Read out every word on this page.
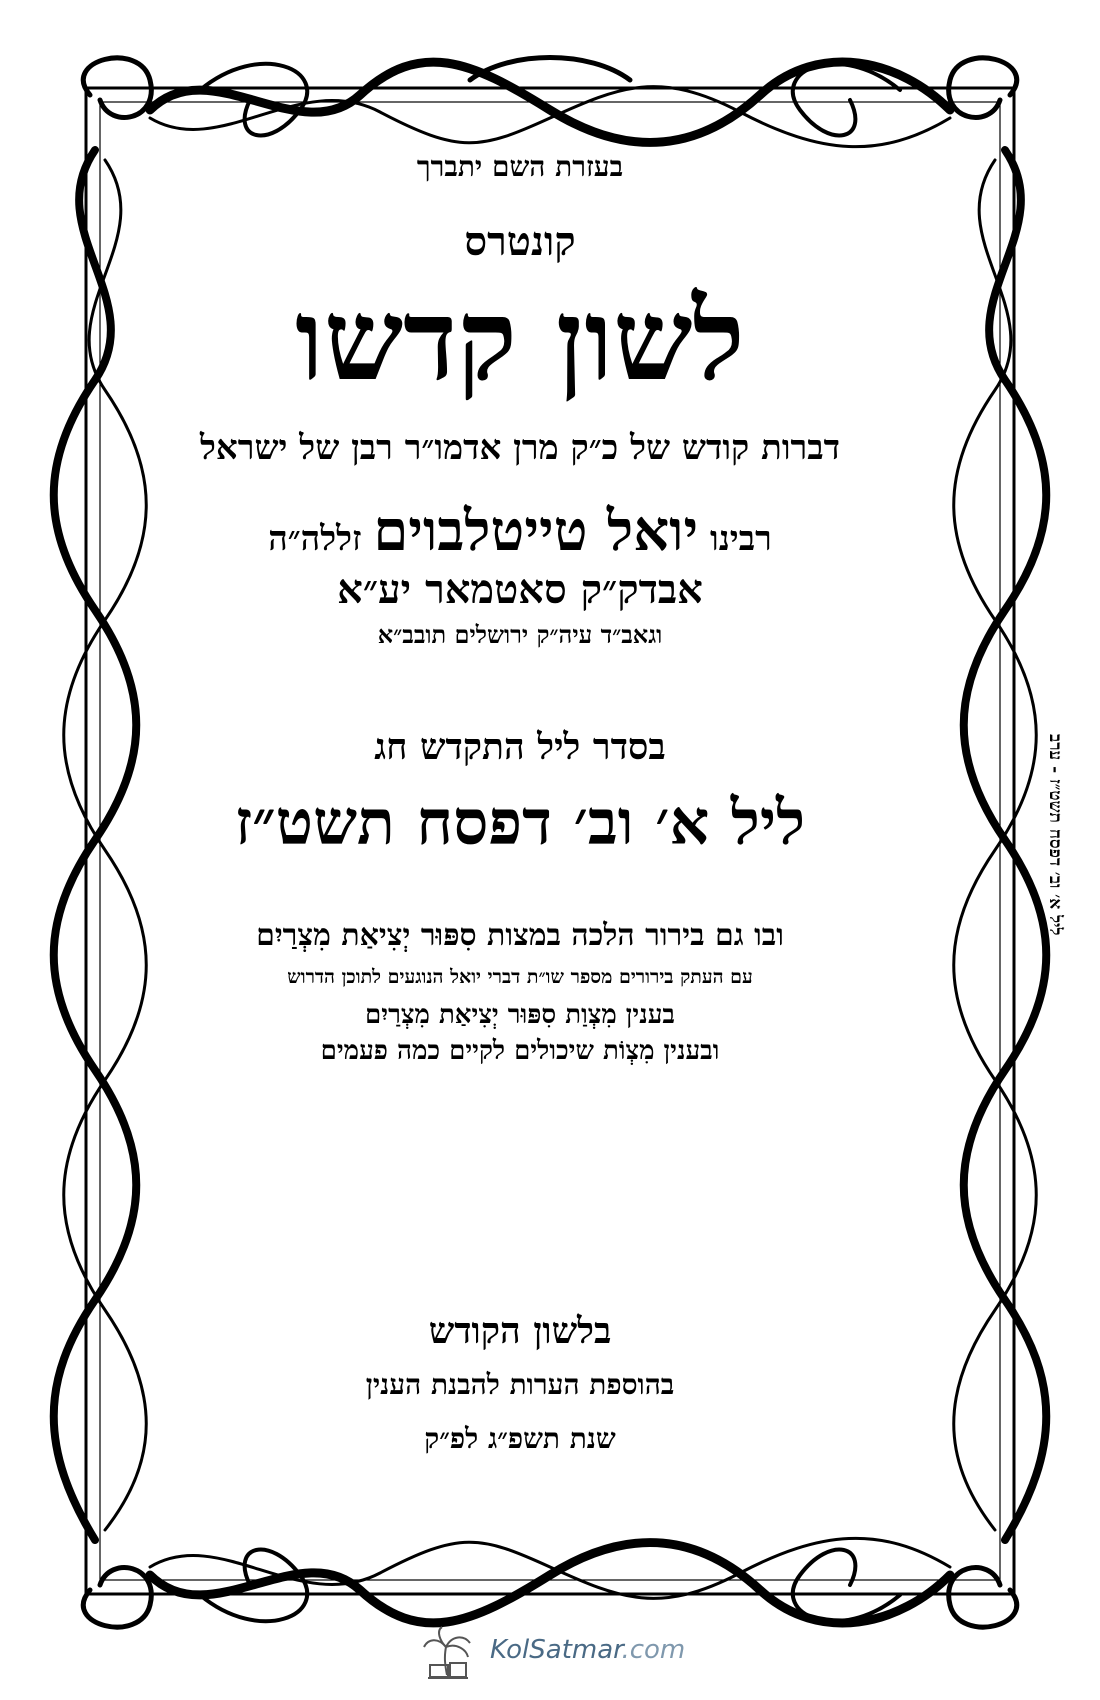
בעזרת השם יתברך
קונטרס
לשון קדשו
דברות קודש של כ״ק מרן אדמו״ר רבן של ישראל
רבינו יואל טייטלבוים זללה״ה
אבדק״ק סאטמאר יע״א
וגאב״ד עיה״ק ירושלים תובב״א
בסדר ליל התקדש חג
ליל א׳ וב׳ דפסח תשט״ז
ובו גם בירור הלכה במצות סִפּוּר יְצִיאַת מִצְרַיִם
עם העתק בירורים מספר שו״ת דברי יואל הנוגעים לתוכן הדרוש
בענין מִצְוַת סִפּוּר יְצִיאַת מִצְרַיִם
ובענין מִצְוֹת שיכולים לקיים כמה פעמים
בלשון הקודש
בהוספת הערות להבנת הענין
שנת תשפ״ג לפ״ק
ליל א׳ וב׳ דפסח תשט״ז - ערב
KolSatmar.com
